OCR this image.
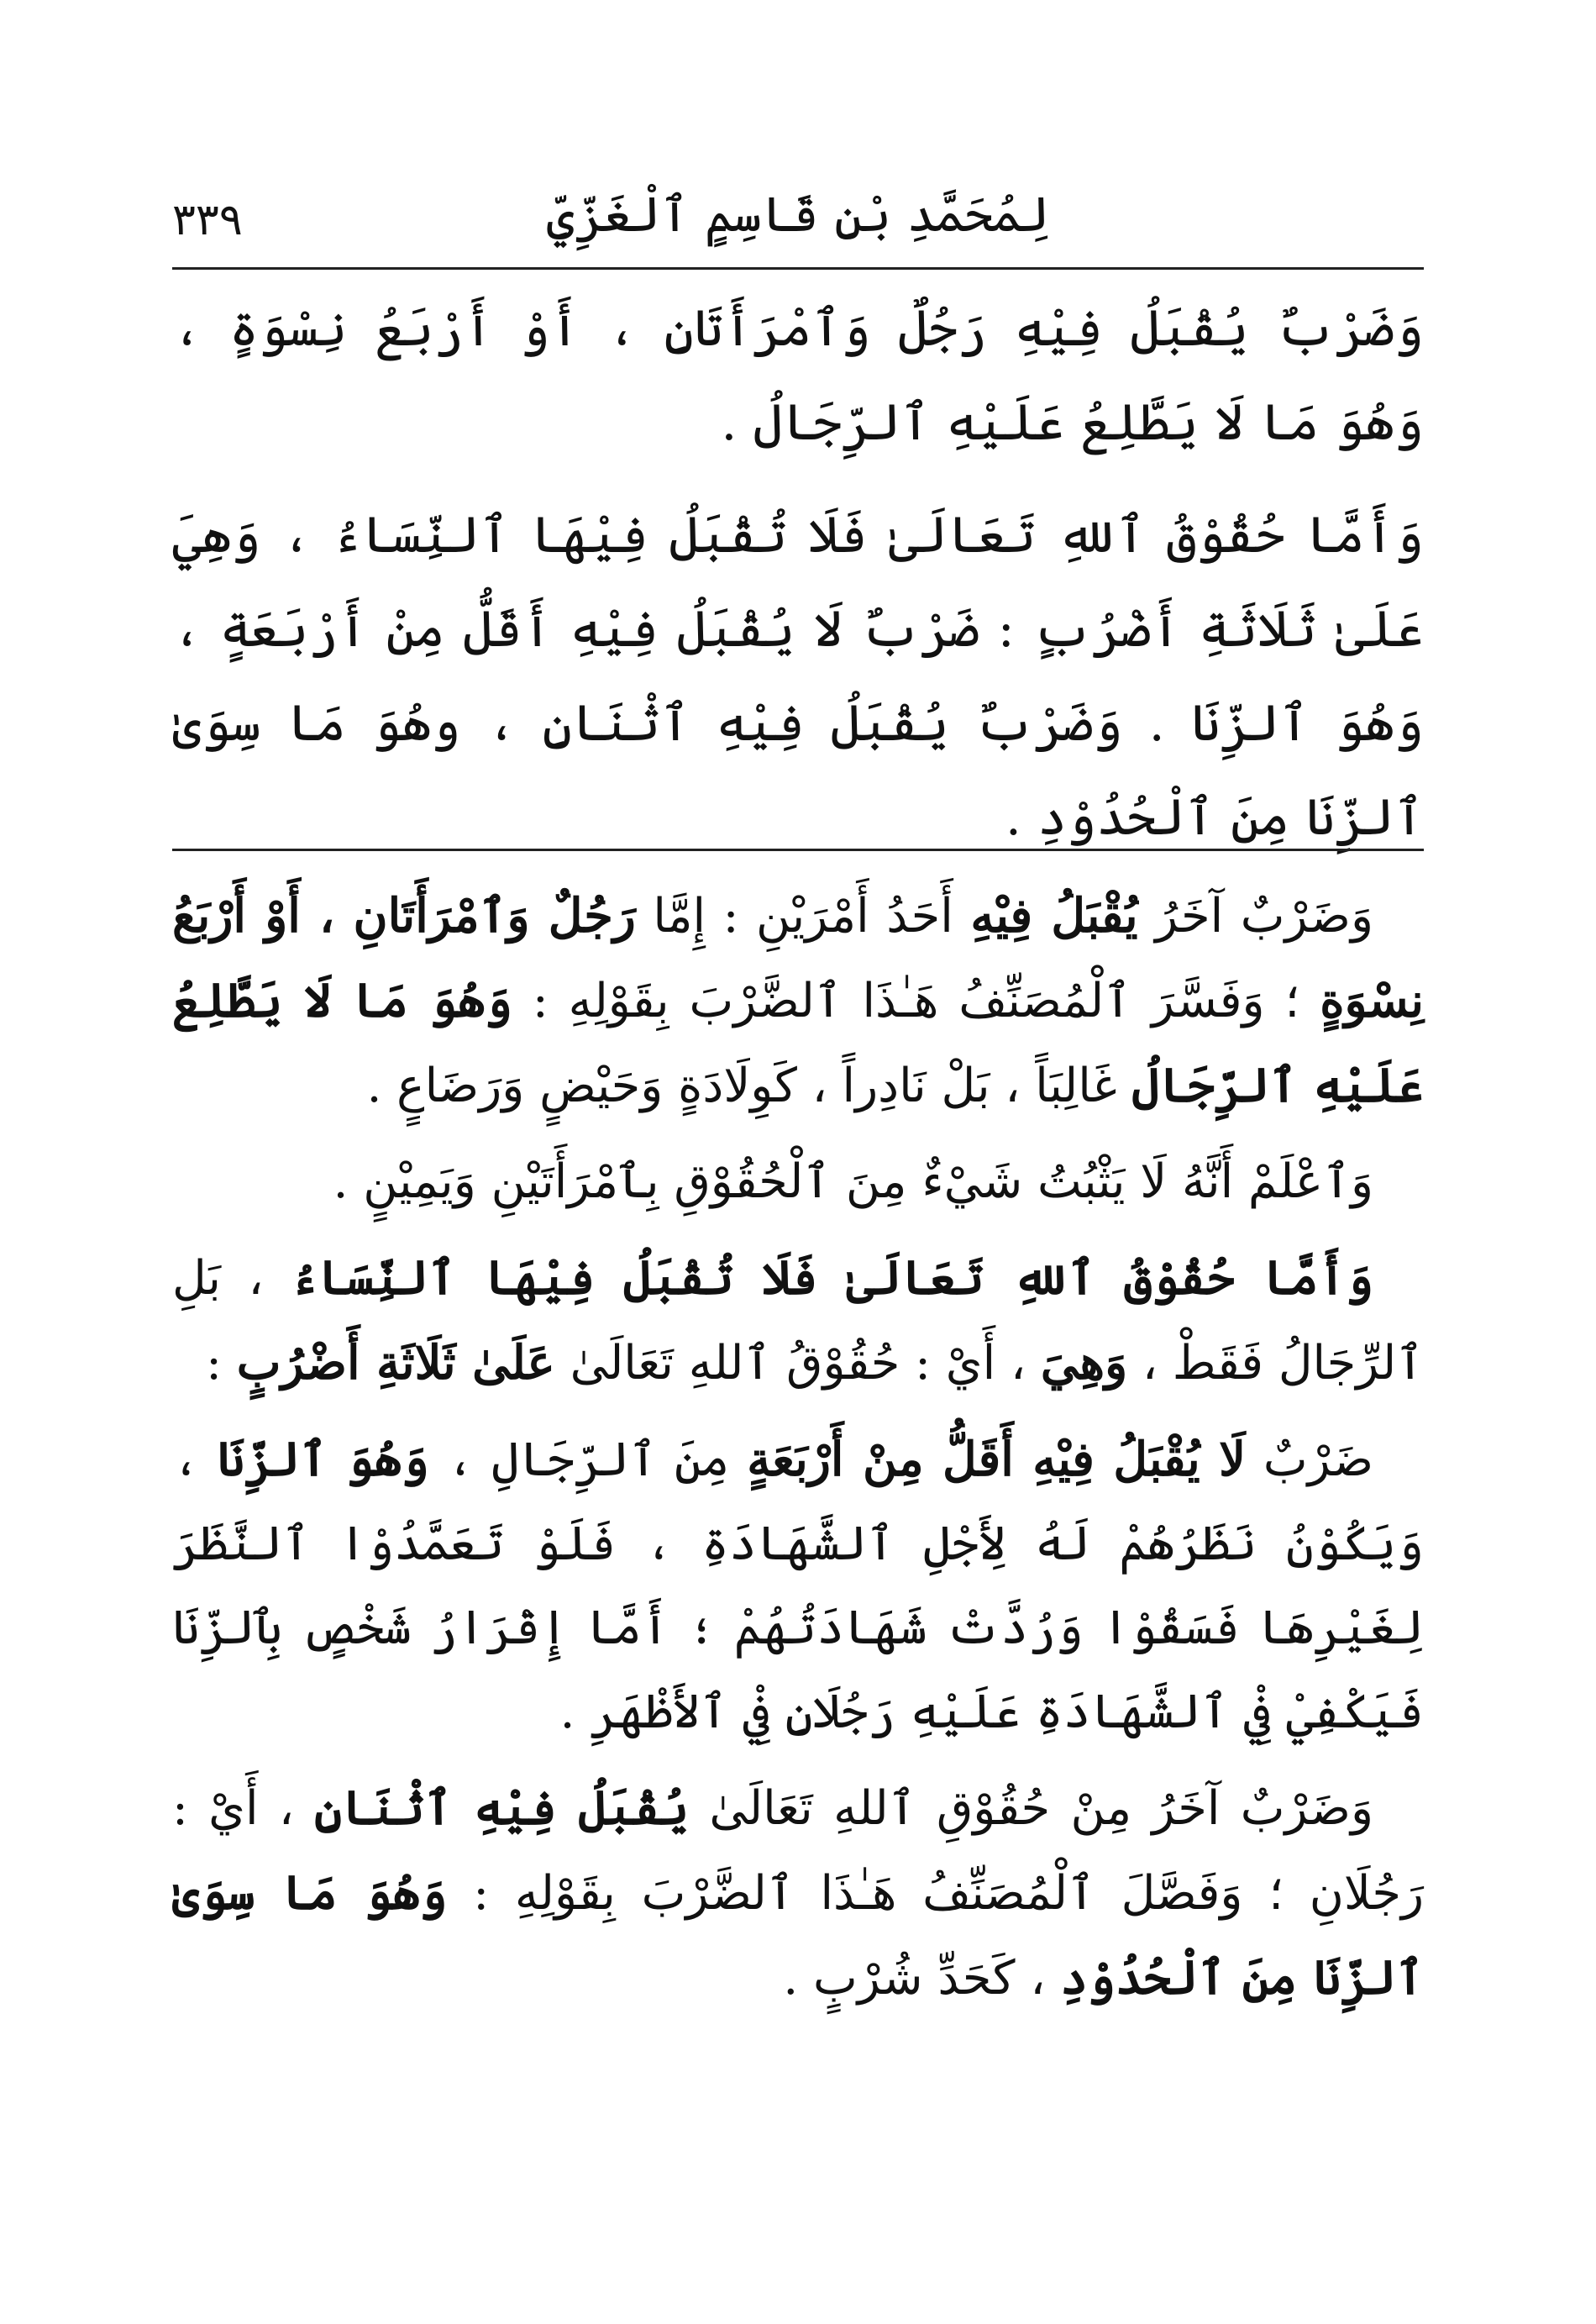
لِمُحَمَّدِ بْنِ قَاسِمٍ ٱلْغَزِّيِّ
٣٣٩

وَضَرْبٌ يُقْبَلُ فِيْهِ رَجُلٌ وَٱمْرَأَتَانِ ، أَوْ أَرْبَعُ نِسْوَةٍ ، وَهُوَ مَا لَا يَطَّلِعُ عَلَيْهِ ٱلرِّجَالُ .

وَأَمَّا حُقُوْقُ ٱللهِ تَعَالَىٰ فَلَا تُقْبَلُ فِيْهَا ٱلنِّسَاءُ ، وَهِيَ عَلَىٰ ثَلَاثَةِ أَضْرُبٍ : ضَرْبٌ لَا يُقْبَلُ فِيْهِ أَقَلُّ مِنْ أَرْبَعَةٍ ، وَهُوَ ٱلزِّنَا . وَضَرْبٌ يُقْبَلُ فِيْهِ ٱثْنَانِ ، وهُوَ مَا سِوَىٰ ٱلزِّنَا مِنَ ٱلْحُدُوْدِ .

وَضَرْبٌ آخَرُ يُقْبَلُ فِيْهِ أَحَدُ أَمْرَيْنِ : إِمَّا رَجُلٌ وَٱمْرَأَتَانِ ، أَوْ أَرْبَعُ نِسْوَةٍ ؛ وَفَسَّرَ ٱلْمُصَنِّفُ هَـٰذَا ٱلضَّرْبَ بِقَوْلِهِ : وَهُوَ مَا لَا يَطَّلِعُ عَلَيْهِ ٱلرِّجَالُ غَالِبَاً ، بَلْ نَادِراً ، كَوِلَادَةٍ وَحَيْضٍ وَرَضَاعٍ .

وَٱعْلَمْ أَنَّهُ لَا يَثْبُتُ شَيْءٌ مِنَ ٱلْحُقُوْقِ بِٱمْرَأَتَيْنِ وَيَمِيْنٍ .

وَأَمَّا حُقُوْقُ ٱللهِ تَعَالَىٰ فَلَا تُقْبَلُ فِيْهَا ٱلنِّسَاءُ ، بَلِ ٱلرِّجَالُ فَقَطْ ، وَهِيَ ، أَيْ : حُقُوْقُ ٱللهِ تَعَالَىٰ عَلَىٰ ثَلَاثَةِ أَضْرُبٍ :

ضَرْبٌ لَا يُقْبَلُ فِيْهِ أَقَلُّ مِنْ أَرْبَعَةٍ مِنَ ٱلرِّجَالِ ، وَهُوَ ٱلزِّنَا ، وَيَكُوْنُ نَظَرُهُمْ لَهُ لِأَجْلِ ٱلشَّهَادَةِ ، فَلَوْ تَعَمَّدُوْا ٱلنَّظَرَ لِغَيْرِهَا فَسَقُوْا وَرُدَّتْ شَهَادَتُهُمْ ؛ أَمَّا إِقْرَارُ شَخْصٍ بِٱلزِّنَا فَيَكْفِيْ فِيْ ٱلشَّهَادَةِ عَلَيْهِ رَجُلَانِ فِيْ ٱلأَظْهَرِ .

وَضَرْبٌ آخَرُ مِنْ حُقُوْقِ ٱللهِ تَعَالَىٰ يُقْبَلُ فِيْهِ ٱثْنَانِ ، أَيْ : رَجُلَانِ ؛ وَفَصَّلَ ٱلْمُصَنِّفُ هَـٰذَا ٱلضَّرْبَ بِقَوْلِهِ : وَهُوَ مَا سِوَىٰ ٱلزِّنَا مِنَ ٱلْحُدُوْدِ ، كَحَدِّ شُرْبٍ .
